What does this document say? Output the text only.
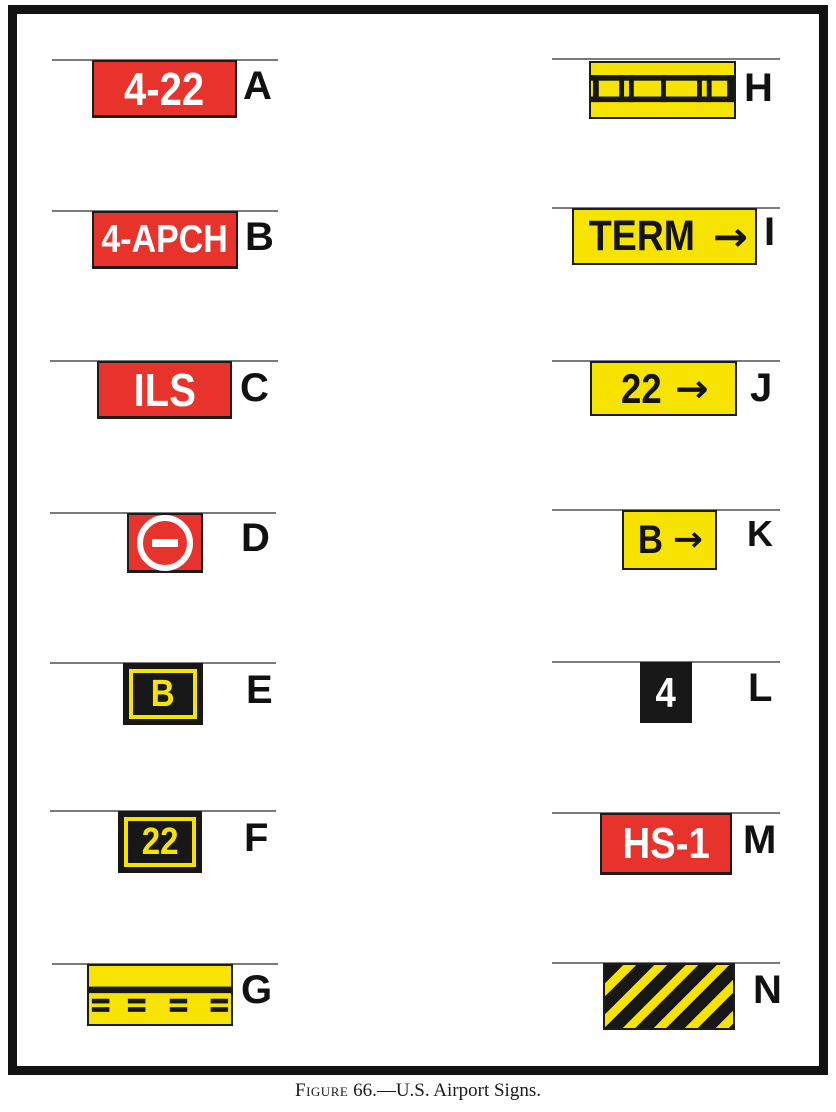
4-22 A
4-APCH B
ILS C
D
B E
22 F
G
H
TERM → I
22 → J
B → K
4 L
HS-1 M
N
Figure 66.—U.S. Airport Signs.
